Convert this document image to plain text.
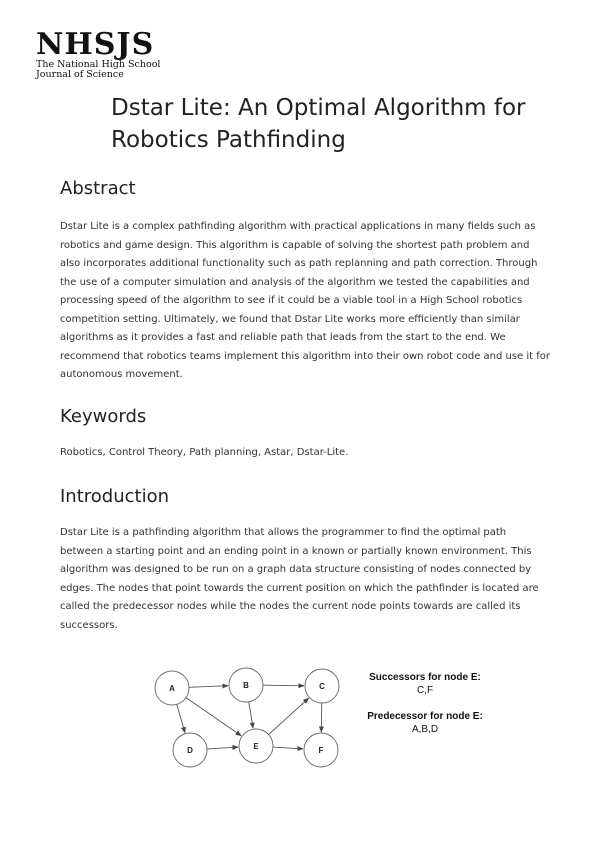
NHSJS
The National High School
Journal of Science
Dstar Lite: An Optimal Algorithm for Robotics Pathfinding
Abstract

Dstar Lite is a complex pathfinding algorithm with practical applications in many fields such as robotics and game design. This algorithm is capable of solving the shortest path problem and also incorporates additional functionality such as path replanning and path correction. Through the use of a computer simulation and analysis of the algorithm we tested the capabilities and processing speed of the algorithm to see if it could be a viable tool in a High School robotics competition setting. Ultimately, we found that Dstar Lite works more efficiently than similar algorithms as it provides a fast and reliable path that leads from the start to the end. We recommend that robotics teams implement this algorithm into their own robot code and use it for autonomous movement.

Keywords

Robotics, Control Theory, Path planning, Astar, Dstar-Lite.

Introduction

Dstar Lite is a pathfinding algorithm that allows the programmer to find the optimal path between a starting point and an ending point in a known or partially known environment. This algorithm was designed to be run on a graph data structure consisting of nodes connected by edges. The nodes that point towards the current position on which the pathfinder is located are called the predecessor nodes while the nodes the current node points towards are called its successors.

A	B	C
D	E	F
Successors for node E:
C,F
Predecessor for node E:
A,B,D
